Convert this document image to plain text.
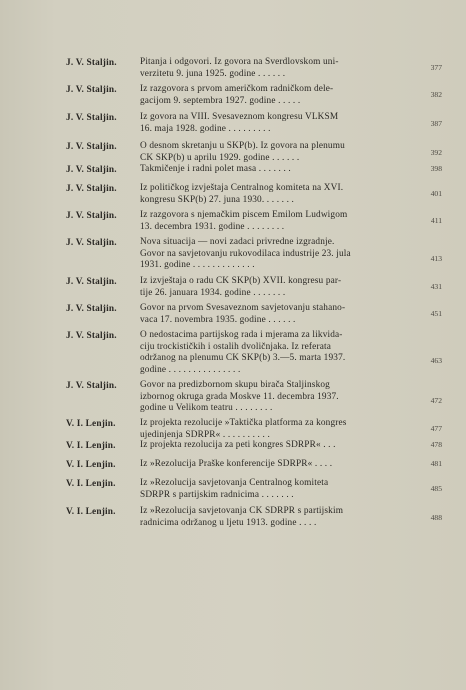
J. V. Staljin.	Pitanja i odgovori. Iz govora na Sverdlovskom uni-
verzitetu 9. juna 1925. godine . . . . . .
377
J. V. Staljin.	Iz razgovora s prvom američkom radničkom dele-
gacijom 9. septembra 1927. godine . . . . .
382
J. V. Staljin.	Iz govora na VIII. Svesaveznom kongresu VLKSM
16. maja 1928. godine . . . . . . . . .
387
J. V. Staljin.	O desnom skretanju u SKP(b). Iz govora na plenumu
CK SKP(b) u aprilu 1929. godine . . . . . .
392
J. V. Staljin.	Takmičenje i radni polet masa . . . . . . .	398
J. V. Staljin.	Iz političkog izvještaja Centralnog komiteta na XVI.
kongresu SKP(b) 27. juna 1930. . . . . . .
401
J. V. Staljin.	Iz razgovora s njemačkim piscem Emilom Ludwigom
13. decembra 1931. godine . . . . . . . .
411
J. V. Staljin.	Nova situacija — novi zadaci privredne izgradnje.
Govor na savjetovanju rukovodilaca industrije 23. jula
1931. godine . . . . . . . . . . . . .
413
J. V. Staljin.	Iz izvještaja o radu CK SKP(b) XVII. kongresu par-
tije 26. januara 1934. godine . . . . . . .
431
J. V. Staljin.	Govor na prvom Svesaveznom savjetovanju stahano-
vaca 17. novembra 1935. godine . . . . . .
451
J. V. Staljin.	O nedostacima partijskog rada i mjerama za likvida-
ciju trockističkih i ostalih dvoličnjaka. Iz referata
održanog na plenumu CK SKP(b) 3.—5. marta 1937.
godine . . . . . . . . . . . . . . .
463
J. V. Staljin.	Govor na predizbornom skupu birača Staljinskog
izbornog okruga grada Moskve 11. decembra 1937.
godine u Velikom teatru . . . . . . . .
472
V. I. Lenjin.	Iz projekta rezolucije »Taktička platforma za kongres
ujedinjenja SDRPR« . . . . . . . . . .
477
V. I. Lenjin.	Iz projekta rezolucija za peti kongres SDRPR« . . .	478
V. I. Lenjin.	Iz »Rezolucija Praške konferencije SDRPR« . . . .	481
V. I. Lenjin.	Iz »Rezolucija savjetovanja Centralnog komiteta
SDRPR s partijskim radnicima . . . . . . .
485
V. I. Lenjin.	Iz »Rezolucija savjetovanja CK SDRPR s partijskim
radnicima održanog u ljetu 1913. godine . . . .
488
